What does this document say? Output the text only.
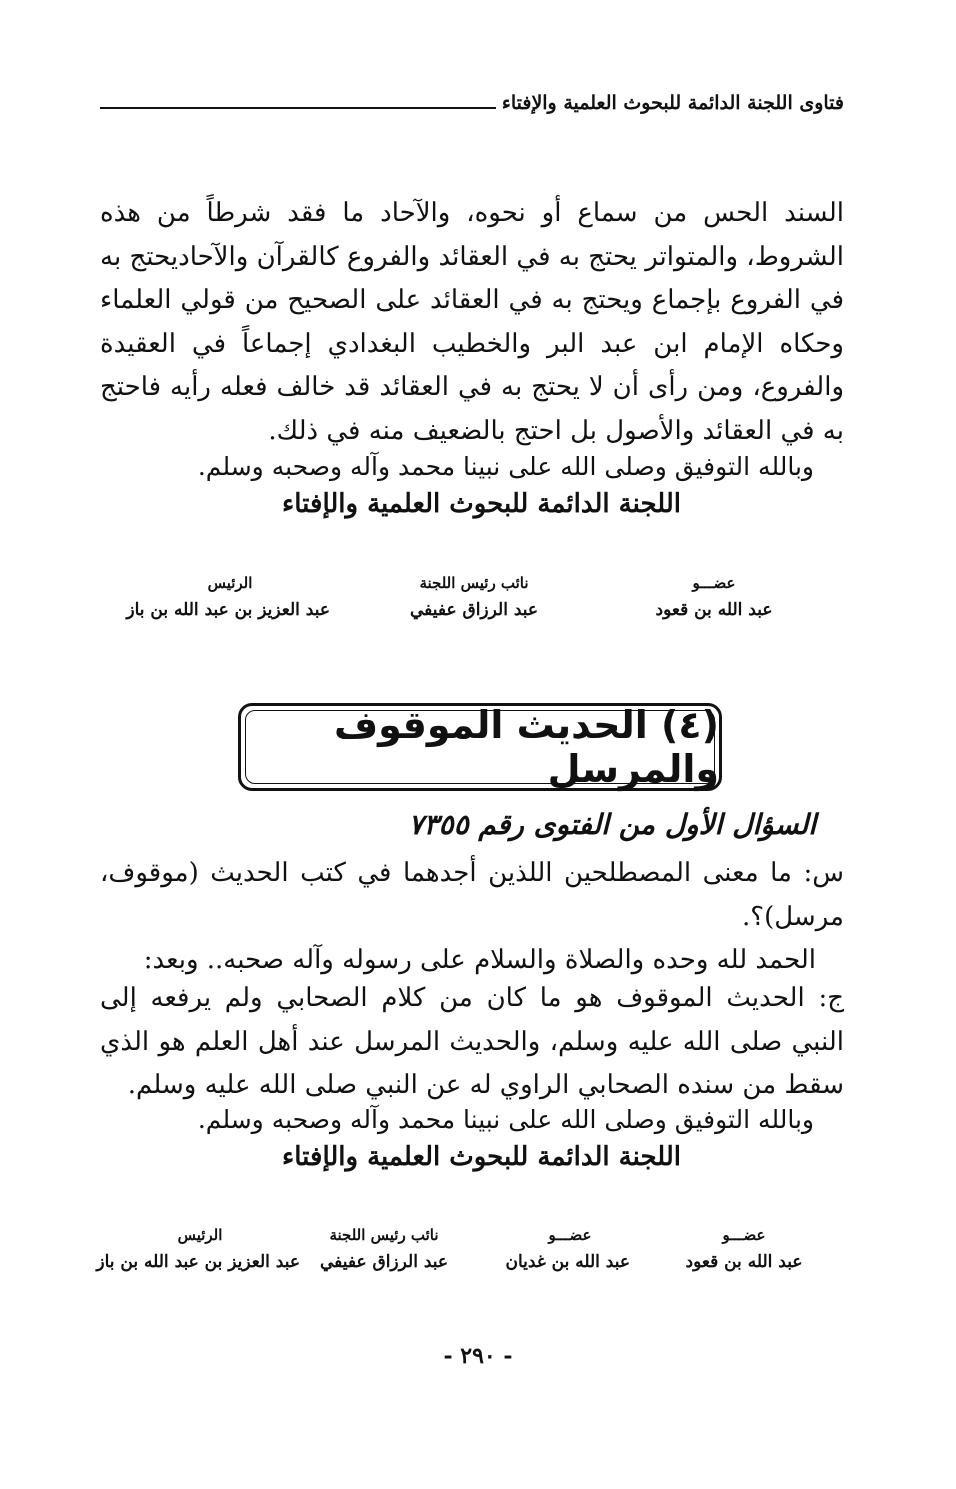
فتاوى اللجنة الدائمة للبحوث العلمية والإفتاء

السند الحس من سماع أو نحوه، والآحاد ما فقد شرطاً من هذه الشروط، والمتواتر يحتج به في العقائد والفروع كالقرآن والآحاديحتج به في الفروع بإجماع ويحتج به في العقائد على الصحيح من قولي العلماء وحكاه الإمام ابن عبد البر والخطيب البغدادي إجماعاً في العقيدة والفروع، ومن رأى أن لا يحتج به في العقائد قد خالف فعله رأيه فاحتج به في العقائد والأصول بل احتج بالضعيف منه في ذلك.

وبالله التوفيق وصلى الله على نبينا محمد وآله وصحبه وسلم.
اللجنة الدائمة للبحوث العلمية والإفتاء
عضـــو
عبد الله بن قعود
نائب رئيس اللجنة
عبد الرزاق عفيفي
الرئيس
عبد العزيز بن عبد الله بن باز
(٤) الحديث الموقوف والمرسل
السؤال الأول من الفتوى رقم ٧٣٥٥

س: ما معنى المصطلحين اللذين أجدهما في كتب الحديث (موقوف، مرسل)؟.

الحمد لله وحده والصلاة والسلام على رسوله وآله صحبه.. وبعد:

ج: الحديث الموقوف هو ما كان من كلام الصحابي ولم يرفعه إلى النبي صلى الله عليه وسلم، والحديث المرسل عند أهل العلم هو الذي سقط من سنده الصحابي الراوي له عن النبي صلى الله عليه وسلم.

وبالله التوفيق وصلى الله على نبينا محمد وآله وصحبه وسلم.
اللجنة الدائمة للبحوث العلمية والإفتاء
عضـــو
عبد الله بن قعود
عضـــو
عبد الله بن غديان
نائب رئيس اللجنة
عبد الرزاق عفيفي
الرئيس
عبد العزيز بن عبد الله بن باز
- ٢٩٠ -
